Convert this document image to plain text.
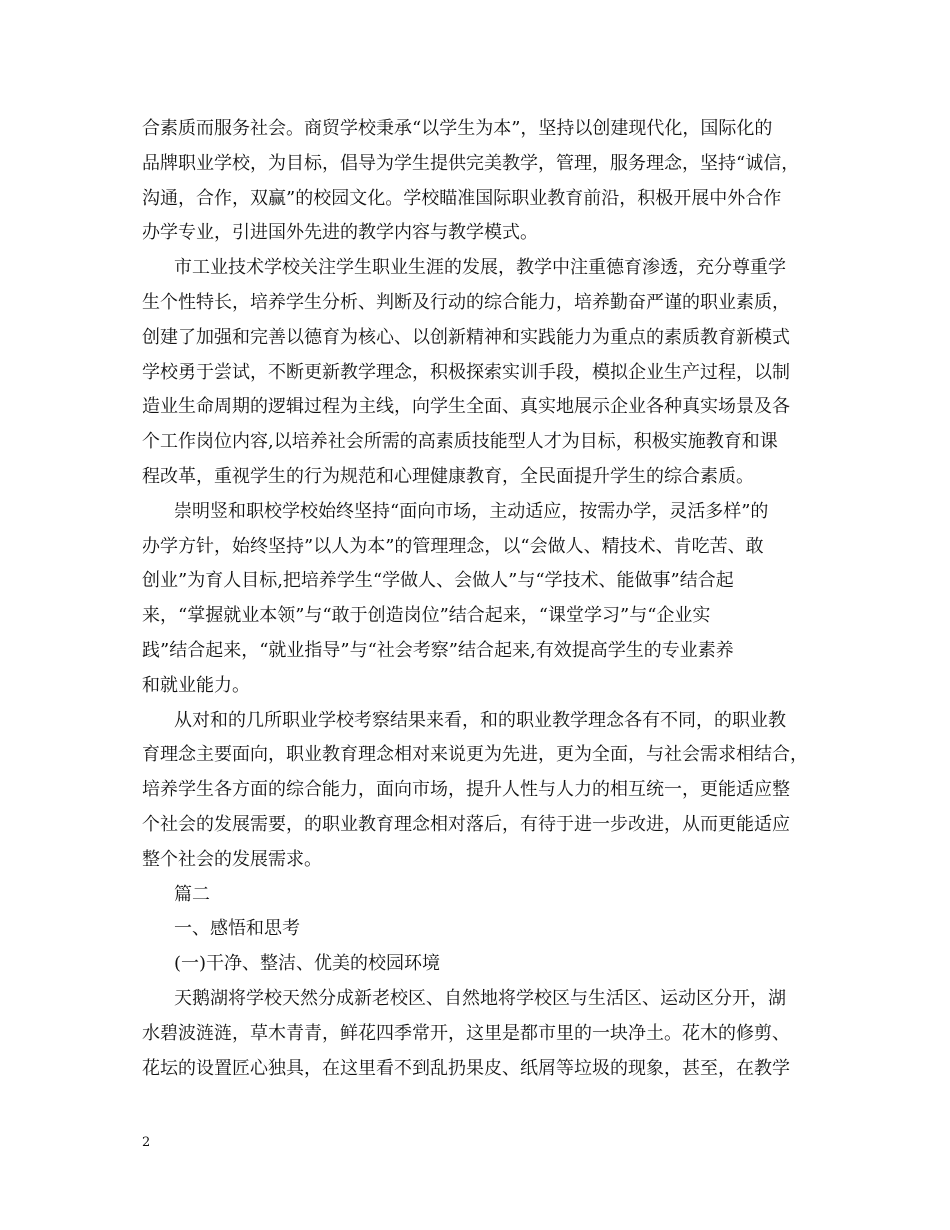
合素质而服务社会。商贸学校秉承“以学生为本”，坚持以创建现代化，国际化的
品牌职业学校，为目标，倡导为学生提供完美教学，管理，服务理念，坚持“诚信，
沟通，合作，双赢”的校园文化。学校瞄准国际职业教育前沿，积极开展中外合作
办学专业，引进国外先进的教学内容与教学模式。
市工业技术学校关注学生职业生涯的发展，教学中注重德育渗透，充分尊重学
生个性特长，培养学生分析、判断及行动的综合能力，培养勤奋严谨的职业素质，
创建了加强和完善以德育为核心、以创新精神和实践能力为重点的素质教育新模式
学校勇于尝试，不断更新教学理念，积极探索实训手段，模拟企业生产过程，以制
造业生命周期的逻辑过程为主线，向学生全面、真实地展示企业各种真实场景及各
个工作岗位内容,以培养社会所需的高素质技能型人才为目标，积极实施教育和课
程改革，重视学生的行为规范和心理健康教育，全民面提升学生的综合素质。
崇明竖和职校学校始终坚持“面向市场，主动适应，按需办学，灵活多样”的
办学方针，始终坚持”以人为本”的管理理念，以“会做人、精技术、肯吃苦、敢
创业”为育人目标,把培养学生“学做人、会做人”与“学技术、能做事”结合起
来，“掌握就业本领”与“敢于创造岗位”结合起来，“课堂学习”与“企业实
践”结合起来，“就业指导”与“社会考察”结合起来,有效提高学生的专业素养
和就业能力。
从对和的几所职业学校考察结果来看，和的职业教学理念各有不同，的职业教
育理念主要面向，职业教育理念相对来说更为先进，更为全面，与社会需求相结合，
培养学生各方面的综合能力，面向市场，提升人性与人力的相互统一，更能适应整
个社会的发展需要，的职业教育理念相对落后，有待于进一步改进，从而更能适应
整个社会的发展需求。
篇二
一、感悟和思考
(一)干净、整洁、优美的校园环境
天鹅湖将学校天然分成新老校区、自然地将学校区与生活区、运动区分开，湖
水碧波涟涟，草木青青，鲜花四季常开，这里是都市里的一块净土。花木的修剪、
花坛的设置匠心独具，在这里看不到乱扔果皮、纸屑等垃圾的现象，甚至，在教学
2
